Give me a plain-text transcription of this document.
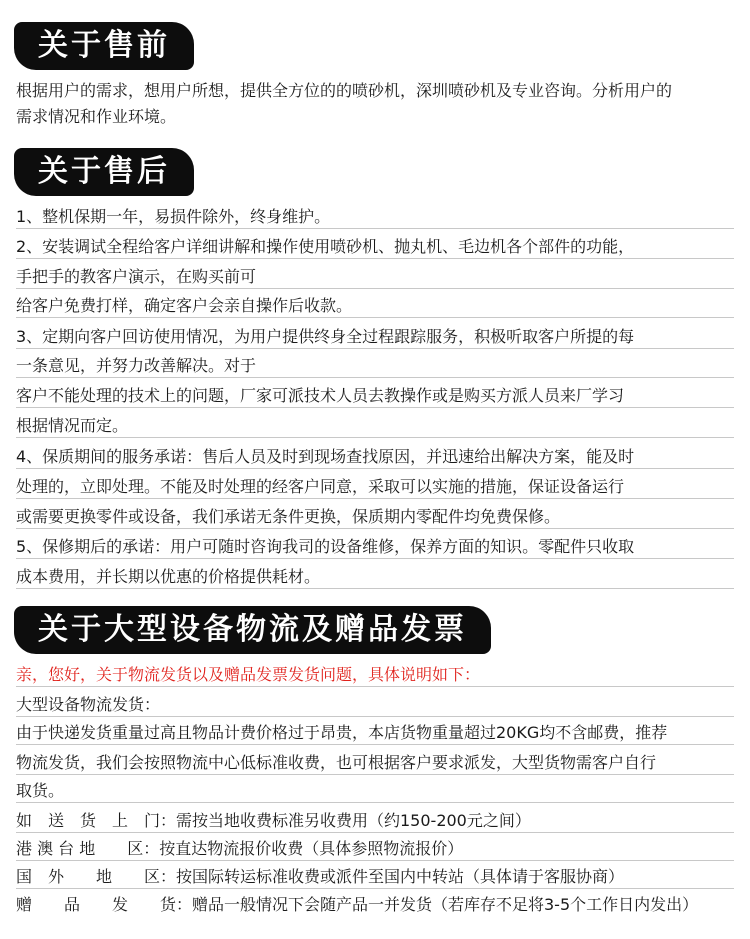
关于售前
根据用户的需求，想用户所想，提供全方位的的喷砂机，深圳喷砂机及专业咨询。分析用户的
需求情况和作业环境。
关于售后
1、整机保期一年，易损件除外，终身维护。
2、安装调试全程给客户详细讲解和操作使用喷砂机、抛丸机、毛边机各个部件的功能，
手把手的教客户演示，在购买前可
给客户免费打样，确定客户会亲自操作后收款。
3、定期向客户回访使用情况，为用户提供终身全过程跟踪服务，积极听取客户所提的每
一条意见，并努力改善解决。对于
客户不能处理的技术上的问题，厂家可派技术人员去教操作或是购买方派人员来厂学习
根据情况而定。
4、保质期间的服务承诺：售后人员及时到现场查找原因，并迅速给出解决方案，能及时
处理的，立即处理。不能及时处理的经客户同意，采取可以实施的措施，保证设备运行
或需要更换零件或设备，我们承诺无条件更换，保质期内零配件均免费保修。
5、保修期后的承诺：用户可随时咨询我司的设备维修，保养方面的知识。零配件只收取
成本费用，并长期以优惠的价格提供耗材。
关于大型设备物流及赠品发票
亲，您好，关于物流发货以及赠品发票发货问题，具体说明如下：
大型设备物流发货：
由于快递发货重量过高且物品计费价格过于昂贵，本店货物重量超过20KG均不含邮费，推荐
物流发货，我们会按照物流中心低标准收费，也可根据客户要求派发，大型货物需客户自行
取货。
如　送　货　上　门：需按当地收费标准另收费用（约150-200元之间）
港 澳 台 地　　区：按直达物流报价收费（具体参照物流报价）
国　外　　地　　区：按国际转运标准收费或派件至国内中转站（具体请于客服协商）
赠　　品　　发　　货：赠品一般情况下会随产品一并发货（若库存不足将3-5个工作日内发出）
